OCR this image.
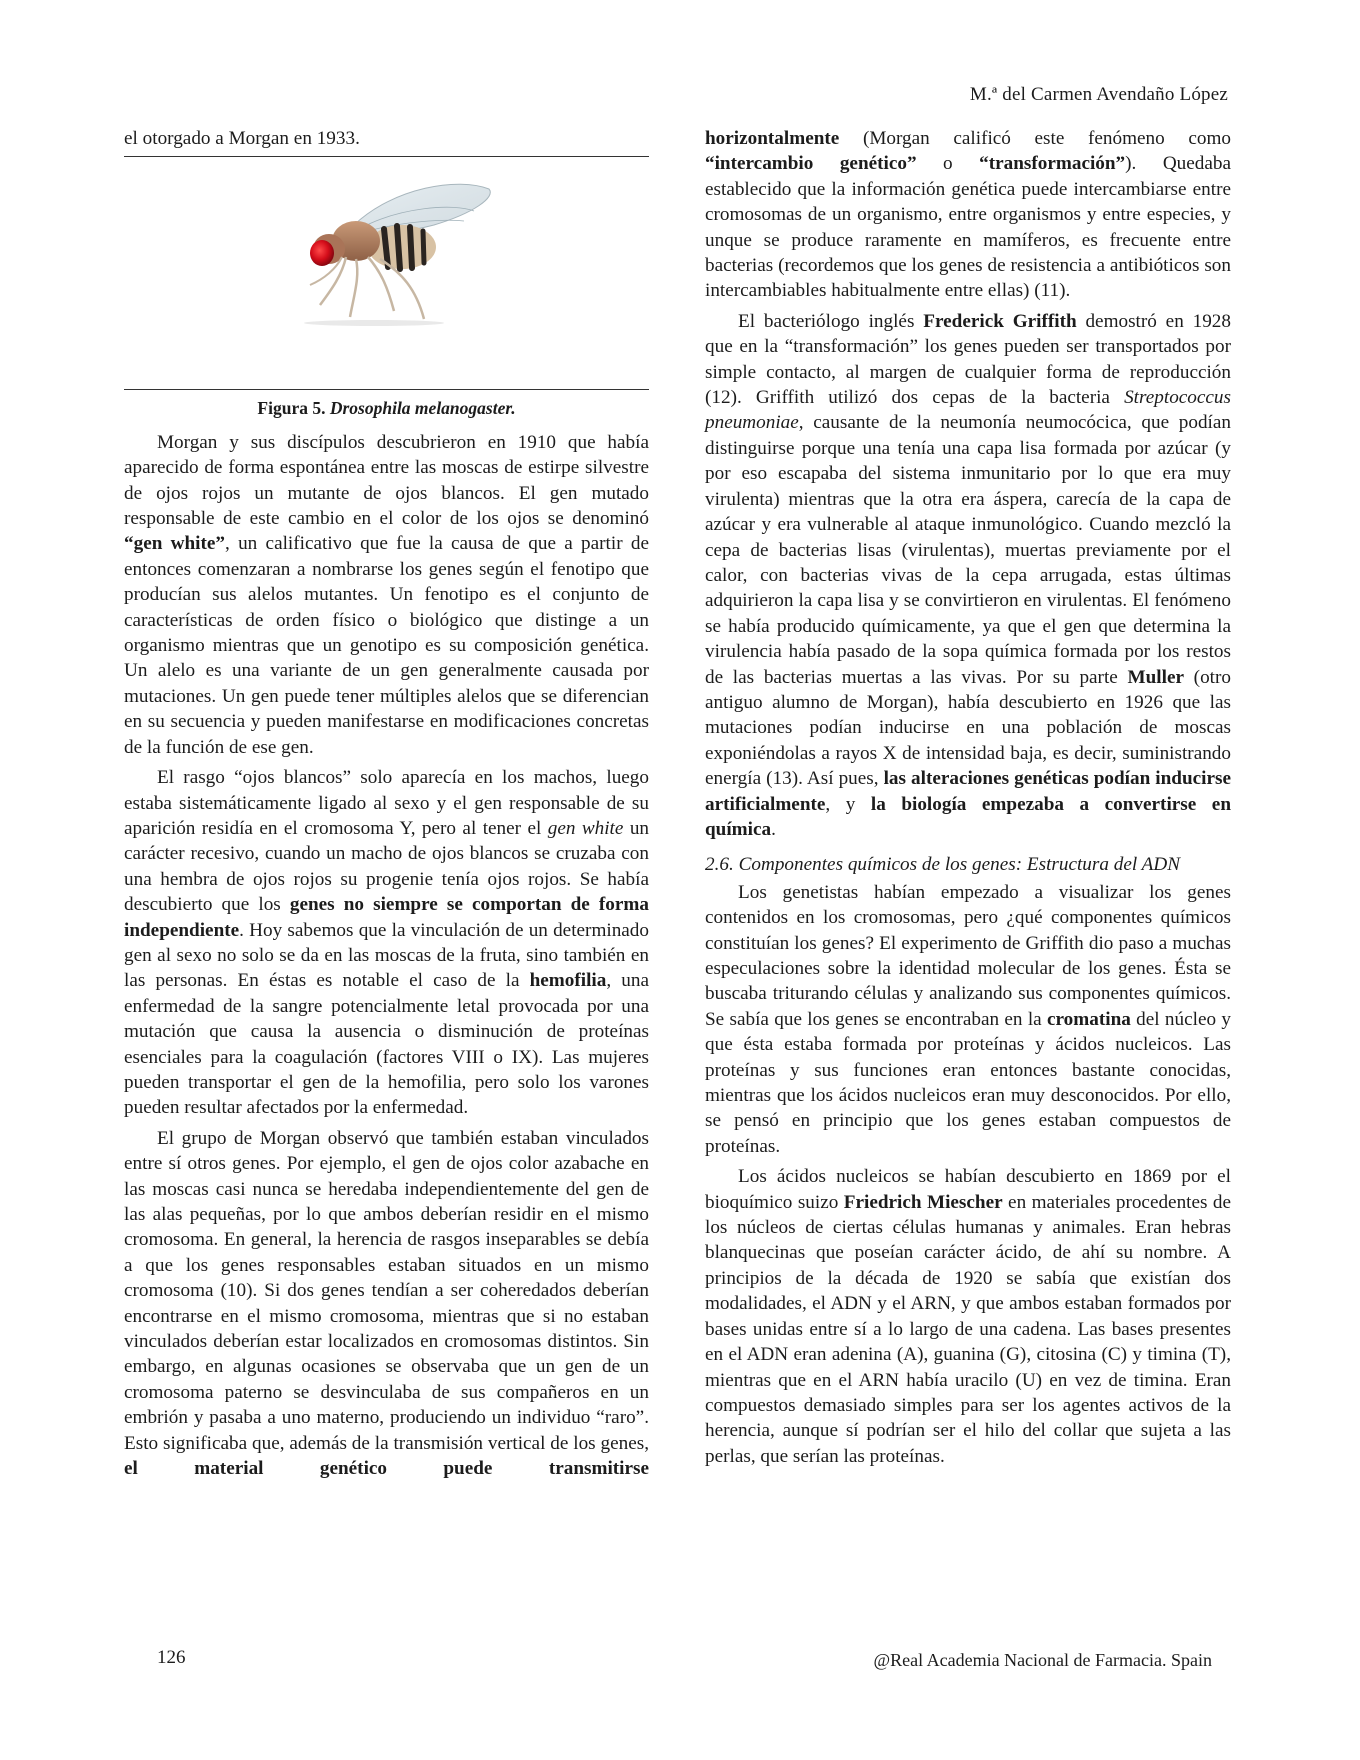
M.ª del Carmen Avendaño López

el otorgado a Morgan en 1933.

Figura 5. Drosophila melanogaster.

Morgan y sus discípulos descubrieron en 1910 que había aparecido de forma espontánea entre las moscas de estirpe silvestre de ojos rojos un mutante de ojos blancos. El gen mutado responsable de este cambio en el color de los ojos se denominó “gen white”, un calificativo que fue la causa de que a partir de entonces comenzaran a nombrarse los genes según el fenotipo que producían sus alelos mutantes. Un fenotipo es el conjunto de características de orden físico o biológico que distinge a un organismo mientras que un genotipo es su composición genética. Un alelo es una variante de un gen generalmente causada por mutaciones. Un gen puede tener múltiples alelos que se diferencian en su secuencia y pueden manifestarse en modificaciones concretas de la función de ese gen.

El rasgo “ojos blancos” solo aparecía en los machos, luego estaba sistemáticamente ligado al sexo y el gen responsable de su aparición residía en el cromosoma Y, pero al tener el gen white un carácter recesivo, cuando un macho de ojos blancos se cruzaba con una hembra de ojos rojos su progenie tenía ojos rojos. Se había descubierto que los genes no siempre se comportan de forma independiente. Hoy sabemos que la vinculación de un determinado gen al sexo no solo se da en las moscas de la fruta, sino también en las personas. En éstas es notable el caso de la hemofilia, una enfermedad de la sangre potencialmente letal provocada por una mutación que causa la ausencia o disminución de proteínas esenciales para la coagulación (factores VIII o IX). Las mujeres pueden transportar el gen de la hemofilia, pero solo los varones pueden resultar afectados por la enfermedad.

El grupo de Morgan observó que también estaban vinculados entre sí otros genes. Por ejemplo, el gen de ojos color azabache en las moscas casi nunca se heredaba independientemente del gen de las alas pequeñas, por lo que ambos deberían residir en el mismo cromosoma. En general, la herencia de rasgos inseparables se debía a que los genes responsables estaban situados en un mismo cromosoma (10). Si dos genes tendían a ser coheredados deberían encontrarse en el mismo cromosoma, mientras que si no estaban vinculados deberían estar localizados en cromosomas distintos. Sin embargo, en algunas ocasiones se observaba que un gen de un cromosoma paterno se desvinculaba de sus compañeros en un embrión y pasaba a uno materno, produciendo un individuo “raro”. Esto significaba que, además de la transmisión vertical de los genes, el material genético puede transmitirse

horizontalmente (Morgan calificó este fenómeno como “intercambio genético” o “transformación”). Quedaba establecido que la información genética puede intercambiarse entre cromosomas de un organismo, entre organismos y entre especies, y unque se produce raramente en mamíferos, es frecuente entre bacterias (recordemos que los genes de resistencia a antibióticos son intercambiables habitualmente entre ellas) (11).

El bacteriólogo inglés Frederick Griffith demostró en 1928 que en la “transformación” los genes pueden ser transportados por simple contacto, al margen de cualquier forma de reproducción (12). Griffith utilizó dos cepas de la bacteria Streptococcus pneumoniae, causante de la neumonía neumocócica, que podían distinguirse porque una tenía una capa lisa formada por azúcar (y por eso escapaba del sistema inmunitario por lo que era muy virulenta) mientras que la otra era áspera, carecía de la capa de azúcar y era vulnerable al ataque inmunológico. Cuando mezcló la cepa de bacterias lisas (virulentas), muertas previamente por el calor, con bacterias vivas de la cepa arrugada, estas últimas adquirieron la capa lisa y se convirtieron en virulentas. El fenómeno se había producido químicamente, ya que el gen que determina la virulencia había pasado de la sopa química formada por los restos de las bacterias muertas a las vivas. Por su parte Muller (otro antiguo alumno de Morgan), había descubierto en 1926 que las mutaciones podían inducirse en una población de moscas exponiéndolas a rayos X de intensidad baja, es decir, suministrando energía (13). Así pues, las alteraciones genéticas podían inducirse artificialmente, y la biología empezaba a convertirse en química.

2.6. Componentes químicos de los genes: Estructura del ADN

Los genetistas habían empezado a visualizar los genes contenidos en los cromosomas, pero ¿qué componentes químicos constituían los genes? El experimento de Griffith dio paso a muchas especulaciones sobre la identidad molecular de los genes. Ésta se buscaba triturando células y analizando sus componentes químicos. Se sabía que los genes se encontraban en la cromatina del núcleo y que ésta estaba formada por proteínas y ácidos nucleicos. Las proteínas y sus funciones eran entonces bastante conocidas, mientras que los ácidos nucleicos eran muy desconocidos. Por ello, se pensó en principio que los genes estaban compuestos de proteínas.

Los ácidos nucleicos se habían descubierto en 1869 por el bioquímico suizo Friedrich Miescher en materiales procedentes de los núcleos de ciertas células humanas y animales. Eran hebras blanquecinas que poseían carácter ácido, de ahí su nombre. A principios de la década de 1920 se sabía que existían dos modalidades, el ADN y el ARN, y que ambos estaban formados por bases unidas entre sí a lo largo de una cadena. Las bases presentes en el ADN eran adenina (A), guanina (G), citosina (C) y timina (T), mientras que en el ARN había uracilo (U) en vez de timina. Eran compuestos demasiado simples para ser los agentes activos de la herencia, aunque sí podrían ser el hilo del collar que sujeta a las perlas, que serían las proteínas.

126	@Real Academia Nacional de Farmacia. Spain
